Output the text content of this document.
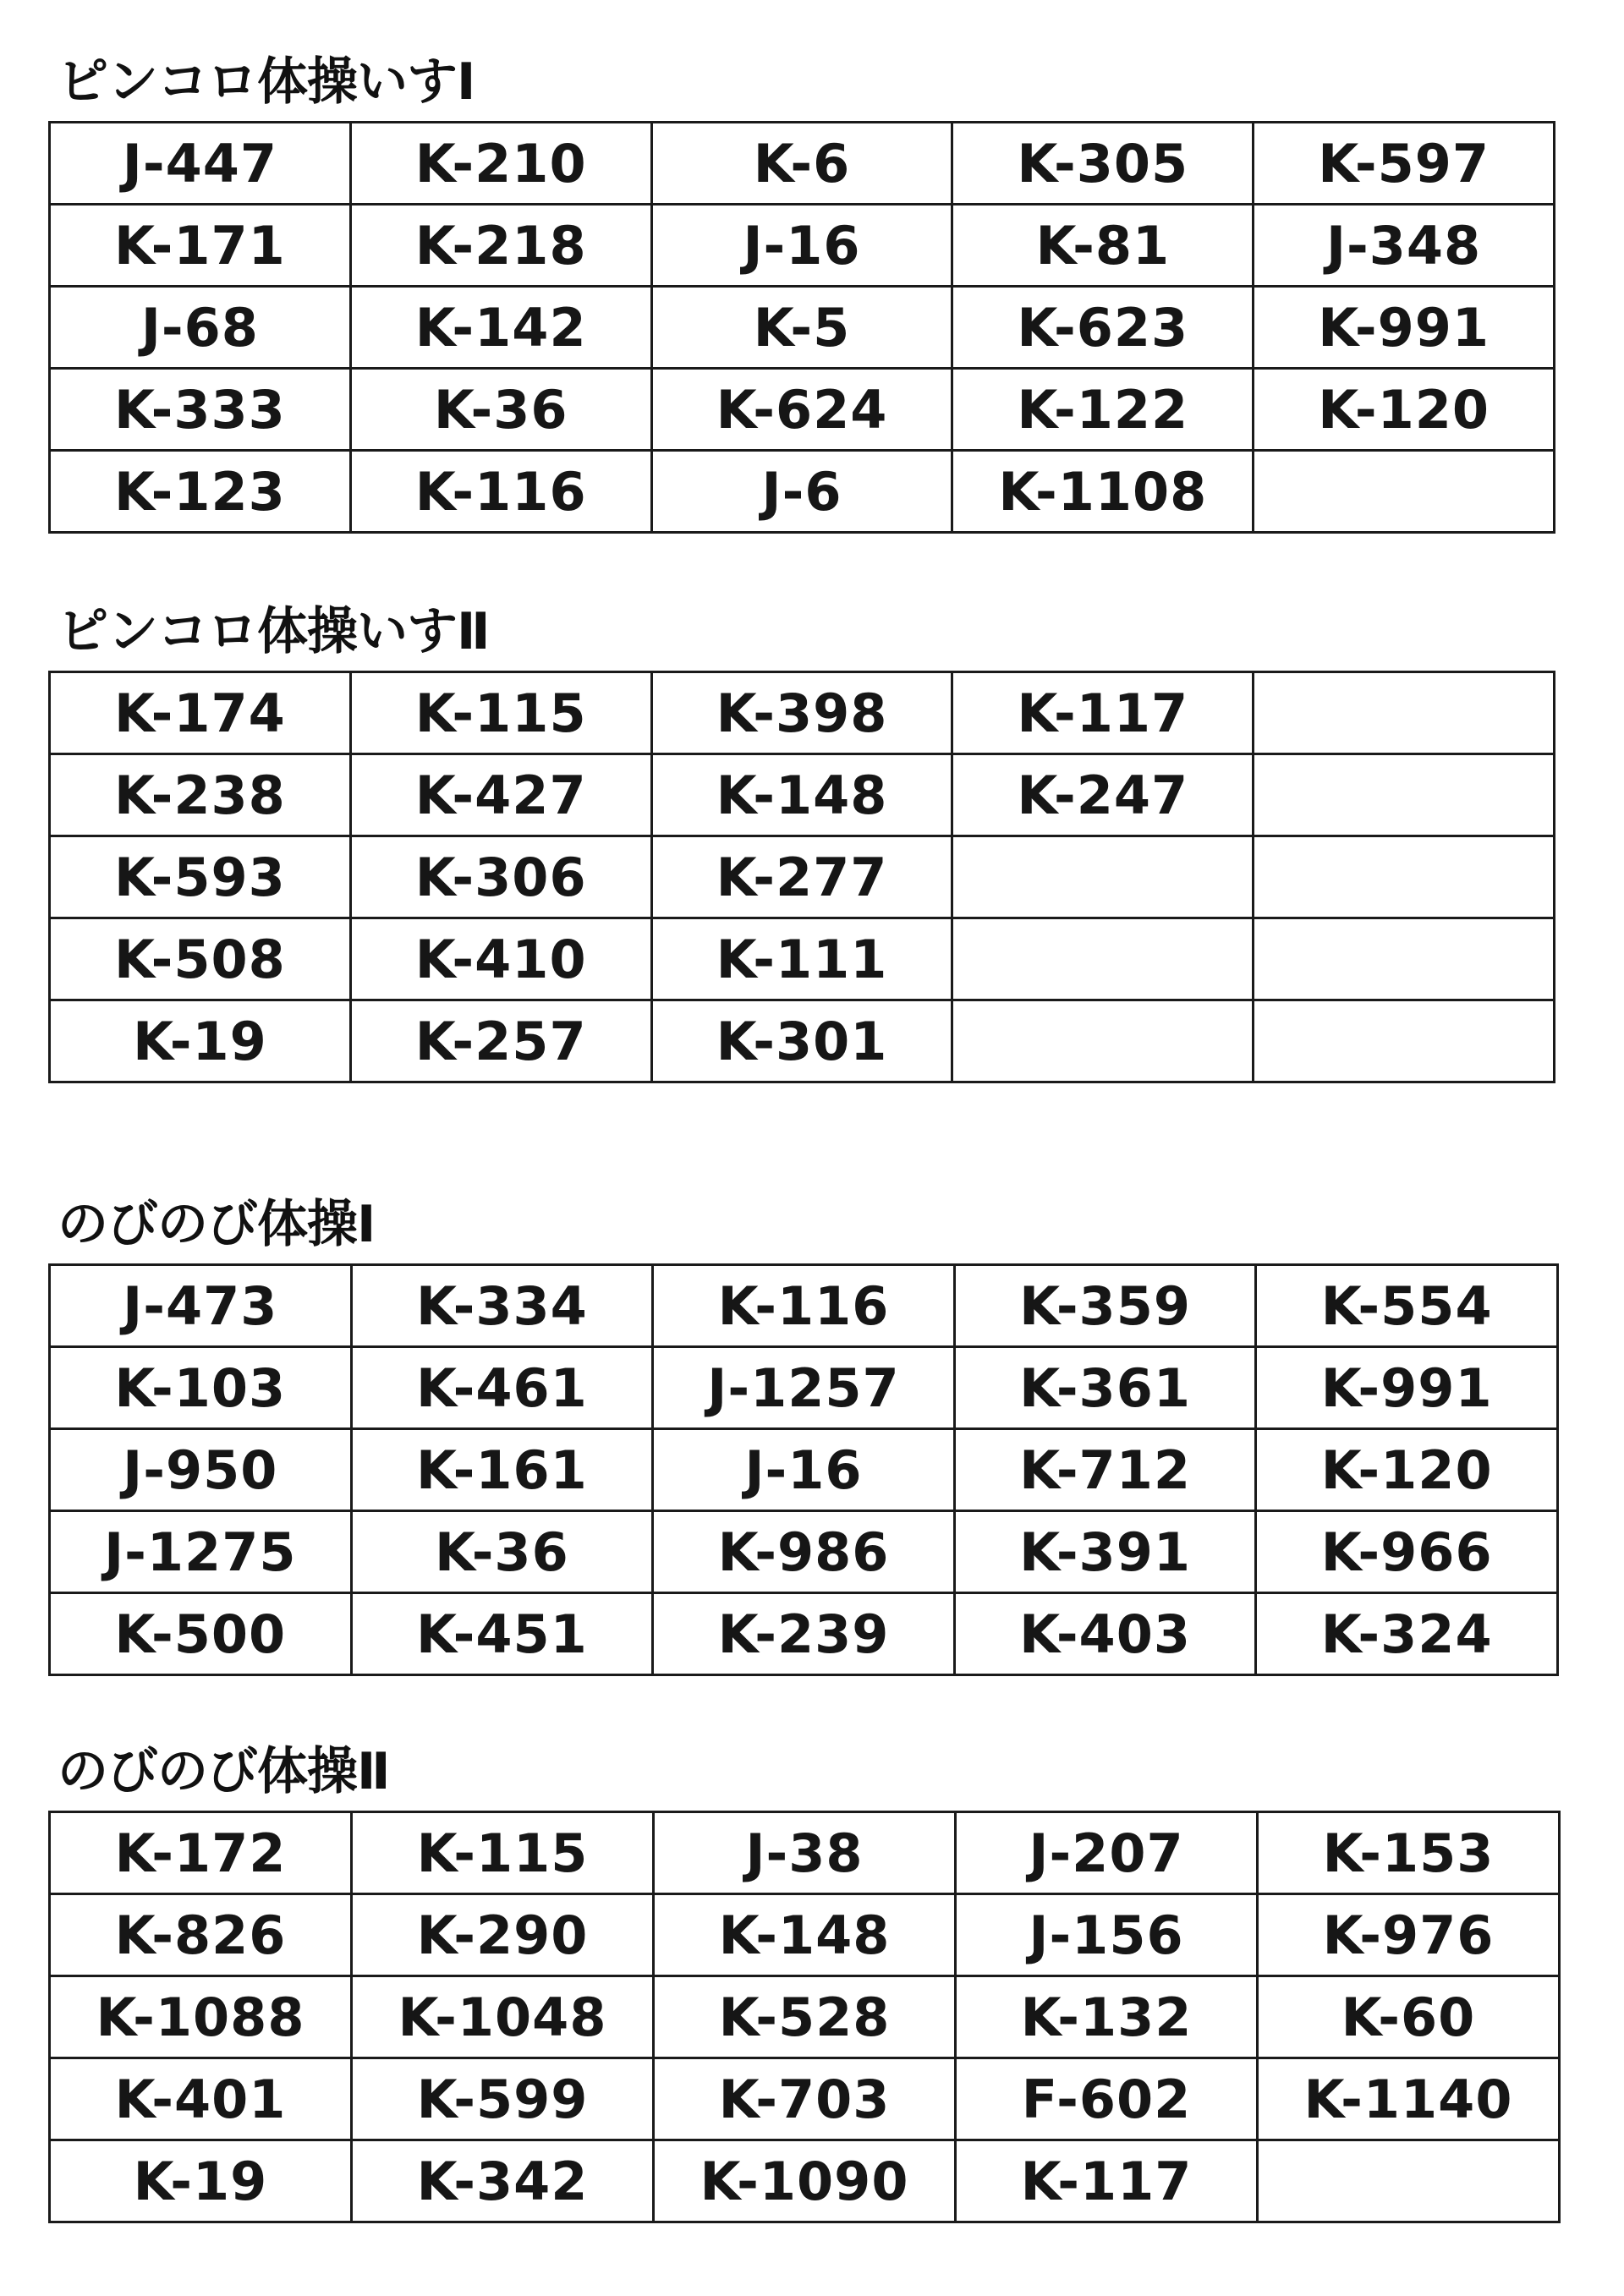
ピンコロ体操いすⅠ
J-447	K-210	K-6	K-305	K-597
K-171	K-218	J-16	K-81	J-348
J-68	K-142	K-5	K-623	K-991
K-333	K-36	K-624	K-122	K-120
K-123	K-116	J-6	K-1108	
ピンコロ体操いすⅡ
K-174	K-115	K-398	K-117	
K-238	K-427	K-148	K-247	
K-593	K-306	K-277		
K-508	K-410	K-111		
K-19	K-257	K-301		
のびのび体操Ⅰ
J-473	K-334	K-116	K-359	K-554
K-103	K-461	J-1257	K-361	K-991
J-950	K-161	J-16	K-712	K-120
J-1275	K-36	K-986	K-391	K-966
K-500	K-451	K-239	K-403	K-324
のびのび体操Ⅱ
K-172	K-115	J-38	J-207	K-153
K-826	K-290	K-148	J-156	K-976
K-1088	K-1048	K-528	K-132	K-60
K-401	K-599	K-703	F-602	K-1140
K-19	K-342	K-1090	K-117	
